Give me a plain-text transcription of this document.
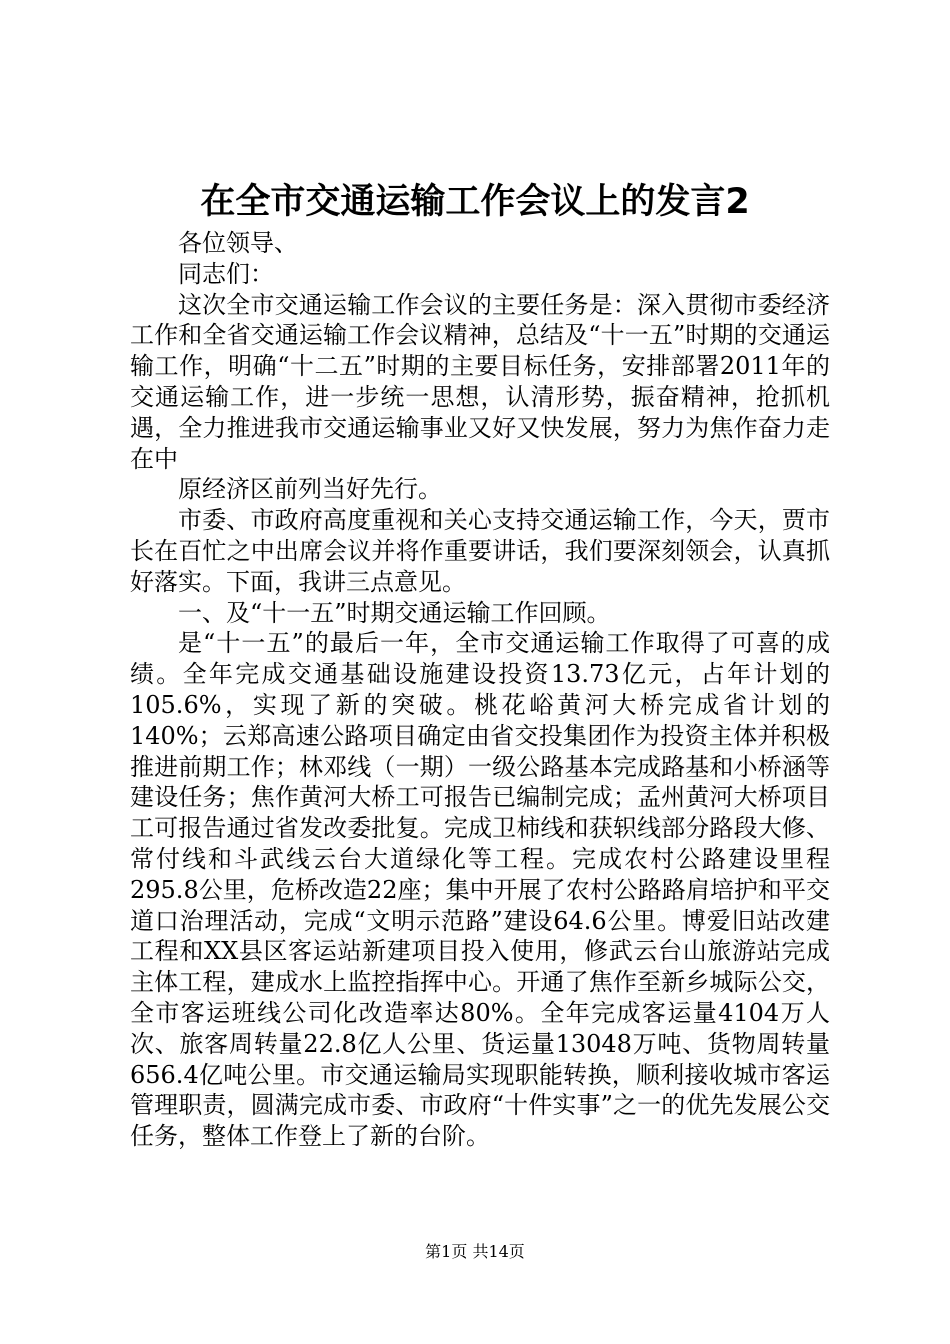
在全市交通运输工作会议上的发言2

各位领导、

同志们：

这次全市交通运输工作会议的主要任务是：深入贯彻市委经济工作和全省交通运输工作会议精神，总结及“十一五”时期的交通运输工作，明确“十二五”时期的主要目标任务，安排部署2011年的交通运输工作，进一步统一思想，认清形势，振奋精神，抢抓机遇，全力推进我市交通运输事业又好又快发展，努力为焦作奋力走在中

原经济区前列当好先行。

市委、市政府高度重视和关心支持交通运输工作，今天，贾市长在百忙之中出席会议并将作重要讲话，我们要深刻领会，认真抓好落实。下面，我讲三点意见。

一、及“十一五”时期交通运输工作回顾。

是“十一五”的最后一年，全市交通运输工作取得了可喜的成绩。全年完成交通基础设施建设投资13.73亿元，占年计划的105.6%，实现了新的突破。桃花峪黄河大桥完成省计划的140%；云郑高速公路项目确定由省交投集团作为投资主体并积极推进前期工作；林邓线（一期）一级公路基本完成路基和小桥涵等建设任务；焦作黄河大桥工可报告已编制完成；孟州黄河大桥项目工可报告通过省发改委批复。完成卫柿线和获轵线部分路段大修、常付线和斗武线云台大道绿化等工程。完成农村公路建设里程295.8公里，危桥改造22座；集中开展了农村公路路肩培护和平交道口治理活动，完成“文明示范路”建设64.6公里。博爱旧站改建工程和XX县区客运站新建项目投入使用，修武云台山旅游站完成主体工程，建成水上监控指挥中心。开通了焦作至新乡城际公交，全市客运班线公司化改造率达80%。全年完成客运量4104万人次、旅客周转量22.8亿人公里、货运量13048万吨、货物周转量656.4亿吨公里。市交通运输局实现职能转换，顺利接收城市客运管理职责，圆满完成市委、市政府“十件实事”之一的优先发展公交任务，整体工作登上了新的台阶。

第1页 共14页
